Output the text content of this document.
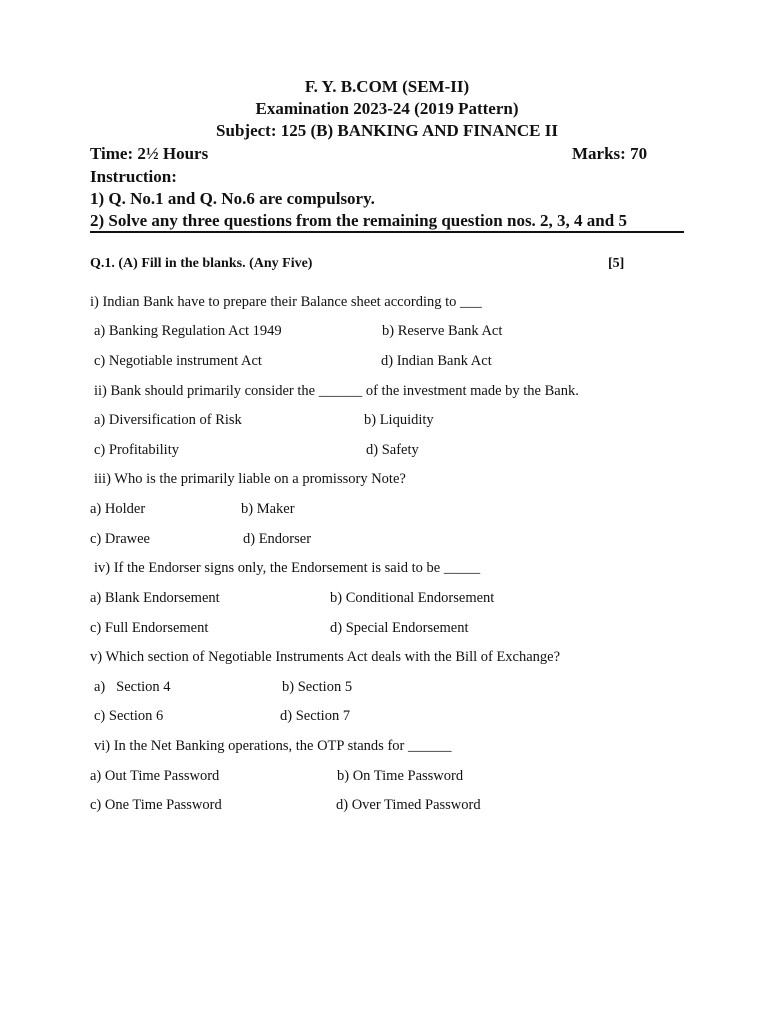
F. Y. B.COM (SEM-II)
Examination 2023-24 (2019 Pattern)
Subject: 125 (B) BANKING AND FINANCE II
Time: 2½ Hours	Marks: 70
Instruction:
1) Q. No.1 and Q. No.6 are compulsory.
2) Solve any three questions from the remaining question nos. 2, 3, 4 and 5
Q.1. (A) Fill in the blanks. (Any Five)	[5]
i) Indian Bank have to prepare their Balance sheet according to ___
a) Banking Regulation Act 1949	b) Reserve Bank Act
c) Negotiable instrument Act	d) Indian Bank Act
ii) Bank should primarily consider the ______ of the investment made by the Bank.
a) Diversification of Risk	b) Liquidity
c) Profitability	d) Safety
iii) Who is the primarily liable on a promissory Note?
a) Holder	b) Maker
c) Drawee	d) Endorser
iv) If the Endorser signs only, the Endorsement is said to be _____
a) Blank Endorsement	b) Conditional Endorsement
c) Full Endorsement	d) Special Endorsement
v) Which section of Negotiable Instruments Act deals with the Bill of Exchange?
a)   Section 4	b) Section 5
c) Section 6	d) Section 7
vi) In the Net Banking operations, the OTP stands for ______
a) Out Time Password	b) On Time Password
c) One Time Password	d) Over Timed Password
